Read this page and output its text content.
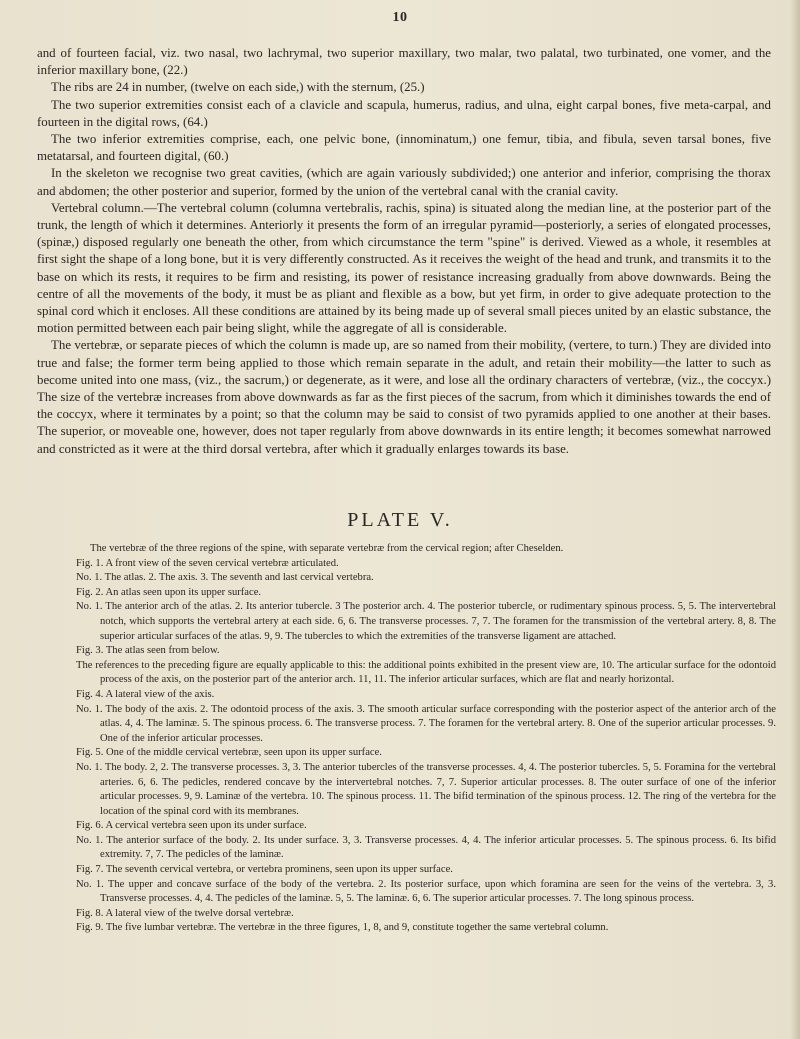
10

and of fourteen facial, viz. two nasal, two lachrymal, two superior maxillary, two malar, two palatal, two turbinated, one vomer, and the inferior maxillary bone, (22.)

The ribs are 24 in number, (twelve on each side,) with the sternum, (25.)

The two superior extremities consist each of a clavicle and scapula, humerus, radius, and ulna, eight carpal bones, five meta-carpal, and fourteen in the digital rows, (64.)

The two inferior extremities comprise, each, one pelvic bone, (innominatum,) one femur, tibia, and fibula, seven tarsal bones, five metatarsal, and fourteen digital, (60.)

In the skeleton we recognise two great cavities, (which are again variously subdivided;) one anterior and inferior, comprising the thorax and abdomen; the other posterior and superior, formed by the union of the vertebral canal with the cranial cavity.

Vertebral column.—The vertebral column (columna vertebralis, rachis, spina) is situated along the median line, at the posterior part of the trunk, the length of which it determines. Anteriorly it presents the form of an irregular pyramid—posteriorly, a series of elongated processes, (spinæ,) disposed regularly one beneath the other, from which circumstance the term "spine" is derived. Viewed as a whole, it resembles at first sight the shape of a long bone, but it is very differently constructed. As it receives the weight of the head and trunk, and transmits it to the base on which its rests, it requires to be firm and resisting, its power of resistance increasing gradually from above downwards. Being the centre of all the movements of the body, it must be as pliant and flexible as a bow, but yet firm, in order to give adequate protection to the spinal cord which it encloses. All these conditions are attained by its being made up of several small pieces united by an elastic substance, the motion permitted between each pair being slight, while the aggregate of all is considerable.

The vertebræ, or separate pieces of which the column is made up, are so named from their mobility, (vertere, to turn.) They are divided into true and false; the former term being applied to those which remain separate in the adult, and retain their mobility—the latter to such as become united into one mass, (viz., the sacrum,) or degenerate, as it were, and lose all the ordinary characters of vertebræ, (viz., the coccyx.) The size of the vertebræ increases from above downwards as far as the first pieces of the sacrum, from which it diminishes towards the end of the coccyx, where it terminates by a point; so that the column may be said to consist of two pyramids applied to one another at their bases. The superior, or moveable one, however, does not taper regularly from above downwards in its entire length; it becomes somewhat narrowed and constricted as it were at the third dorsal vertebra, after which it gradually enlarges towards its base.

PLATE V.

The vertebræ of the three regions of the spine, with separate vertebræ from the cervical region; after Cheselden.

Fig. 1. A front view of the seven cervical vertebræ articulated.

No. 1. The atlas. 2. The axis. 3. The seventh and last cervical vertebra.

Fig. 2. An atlas seen upon its upper surface.

No. 1. The anterior arch of the atlas. 2. Its anterior tubercle. 3 The posterior arch. 4. The posterior tubercle, or rudimentary spinous process. 5, 5. The intervertebral notch, which supports the vertebral artery at each side. 6, 6. The transverse processes. 7, 7. The foramen for the transmission of the vertebral artery. 8, 8. The superior articular surfaces of the atlas. 9, 9. The tubercles to which the extremities of the transverse ligament are attached.

Fig. 3. The atlas seen from below.

The references to the preceding figure are equally applicable to this: the additional points exhibited in the present view are, 10. The articular surface for the odontoid process of the axis, on the posterior part of the anterior arch. 11, 11. The inferior articular surfaces, which are flat and nearly horizontal.

Fig. 4. A lateral view of the axis.

No. 1. The body of the axis. 2. The odontoid process of the axis. 3. The smooth articular surface corresponding with the posterior aspect of the anterior arch of the atlas. 4, 4. The laminæ. 5. The spinous process. 6. The transverse process. 7. The foramen for the vertebral artery. 8. One of the superior articular processes. 9. One of the inferior articular processes.

Fig. 5. One of the middle cervical vertebræ, seen upon its upper surface.

No. 1. The body. 2, 2. The transverse processes. 3, 3. The anterior tubercles of the transverse processes. 4, 4. The posterior tubercles. 5, 5. Foramina for the vertebral arteries. 6, 6. The pedicles, rendered concave by the intervertebral notches. 7, 7. Superior articular processes. 8. The outer surface of one of the inferior articular processes. 9, 9. Laminæ of the vertebra. 10. The spinous process. 11. The bifid termination of the spinous process. 12. The ring of the vertebra for the location of the spinal cord with its membranes.

Fig. 6. A cervical vertebra seen upon its under surface.

No. 1. The anterior surface of the body. 2. Its under surface. 3, 3. Transverse processes. 4, 4. The inferior articular processes. 5. The spinous process. 6. Its bifid extremity. 7, 7. The pedicles of the laminæ.

Fig. 7. The seventh cervical vertebra, or vertebra prominens, seen upon its upper surface.

No. 1. The upper and concave surface of the body of the vertebra. 2. Its posterior surface, upon which foramina are seen for the veins of the vertebra. 3, 3. Transverse processes. 4, 4. The pedicles of the laminæ. 5, 5. The laminæ. 6, 6. The superior articular processes. 7. The long spinous process.

Fig. 8. A lateral view of the twelve dorsal vertebræ.

Fig. 9. The five lumbar vertebræ. The vertebræ in the three figures, 1, 8, and 9, constitute together the same vertebral column.
